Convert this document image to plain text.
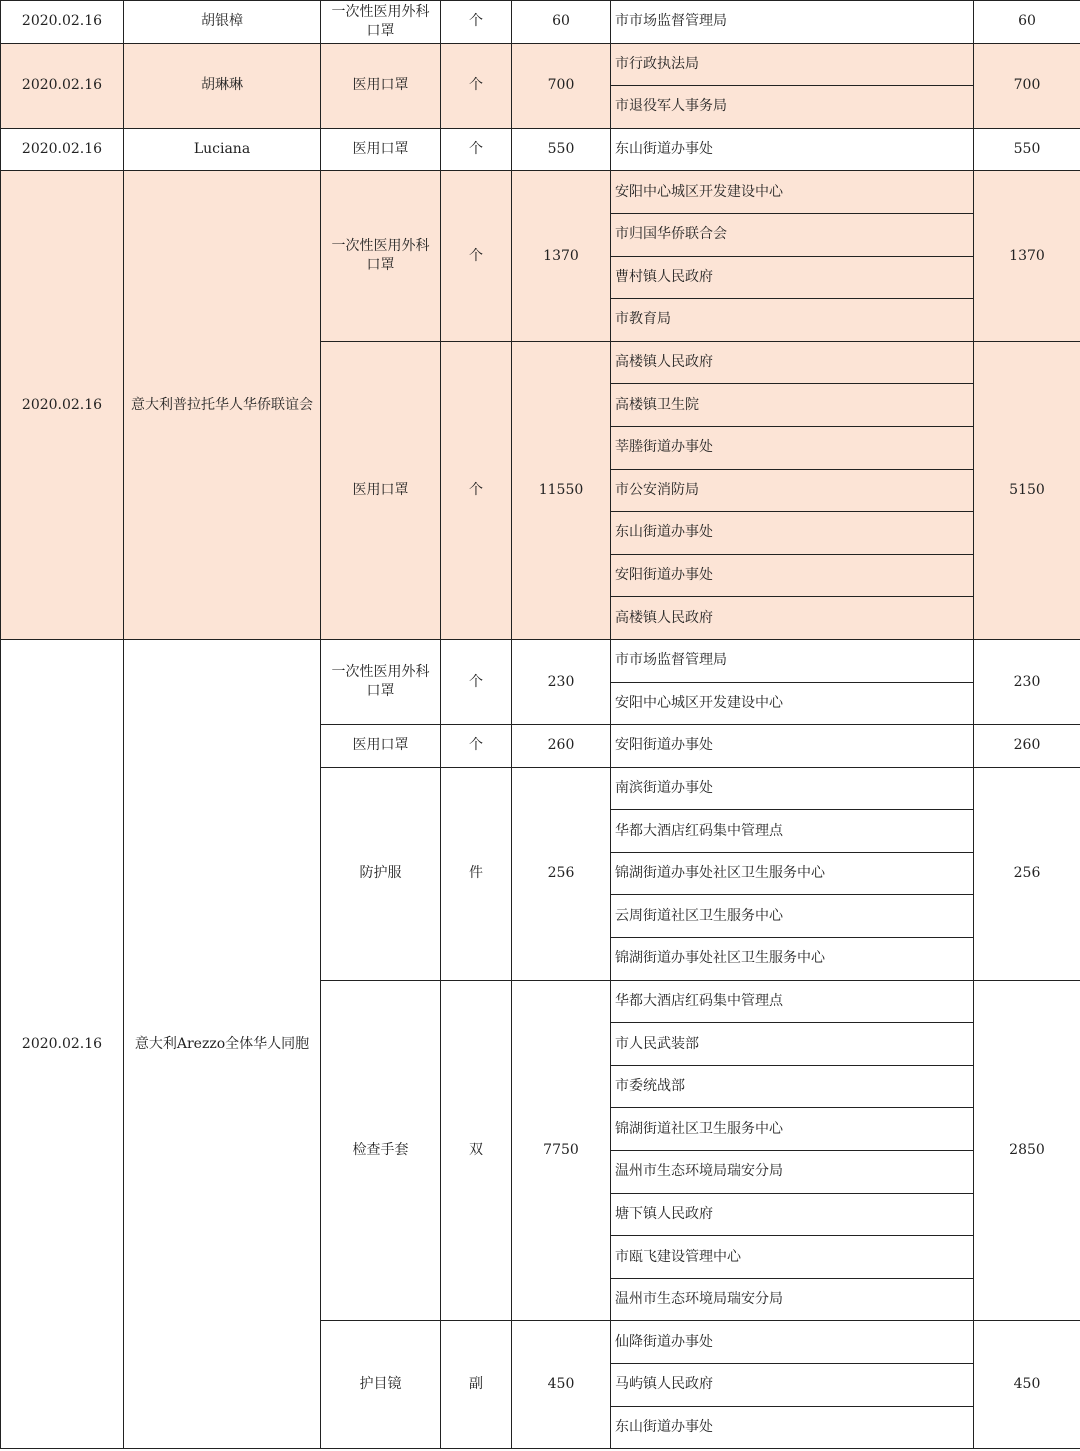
2020.02.16	胡银樟	一次性医用外科口罩	个	60	市市场监督管理局	60
2020.02.16	胡琳琳	医用口罩	个	700	市行政执法局	700
					市退役军人事务局	
2020.02.16	Luciana	医用口罩	个	550	东山街道办事处	550
2020.02.16	意大利普拉托华人华侨联谊会	一次性医用外科口罩	个	1370	安阳中心城区开发建设中心	1370
					市归国华侨联合会	
					曹村镇人民政府	
					市教育局	
		医用口罩	个	11550	高楼镇人民政府	5150
					高楼镇卫生院	
					莘塍街道办事处	
					市公安消防局	
					东山街道办事处	
					安阳街道办事处	
					高楼镇人民政府	
2020.02.16	意大利Arezzo全体华人同胞	一次性医用外科口罩	个	230	市市场监督管理局	230
					安阳中心城区开发建设中心	
		医用口罩	个	260	安阳街道办事处	260
		防护服	件	256	南滨街道办事处	256
					华都大酒店红码集中管理点	
					锦湖街道办事处社区卫生服务中心	
					云周街道社区卫生服务中心	
					锦湖街道办事处社区卫生服务中心	
		检查手套	双	7750	华都大酒店红码集中管理点	2850
					市人民武装部	
					市委统战部	
					锦湖街道社区卫生服务中心	
					温州市生态环境局瑞安分局	
					塘下镇人民政府	
					市瓯飞建设管理中心	
					温州市生态环境局瑞安分局	
		护目镜	副	450	仙降街道办事处	450
					马屿镇人民政府	
					东山街道办事处	
